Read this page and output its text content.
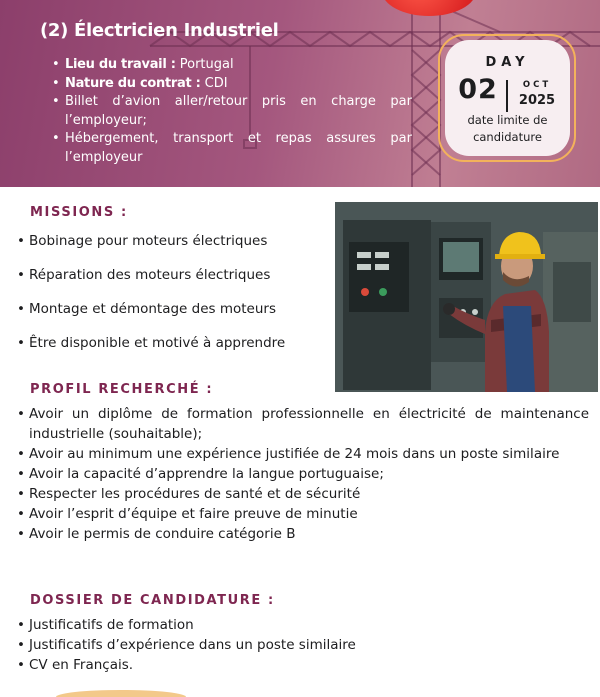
(2) Électricien Industriel
• Lieu du travail : Portugal
• Nature du contrat : CDI
• Billet d’avion aller/retour pris en charge par l’employeur;
• Hébergement, transport et repas assures par l’employeur
DAY
02	OCT
2025
date limite de candidature
MISSIONS :
• Bobinage pour moteurs électriques
• Réparation des moteurs électriques
• Montage et démontage des moteurs
• Être disponible et motivé à apprendre
PROFIL RECHERCHÉ :
• Avoir un diplôme de formation professionnelle en électricité de maintenance industrielle (souhaitable);
• Avoir au minimum une expérience justifiée de 24 mois dans un poste similaire
• Avoir la capacité d’apprendre la langue portuguaise;
• Respecter les procédures de santé et de sécurité
• Avoir l’esprit d’équipe et faire preuve de minutie
• Avoir le permis de conduire catégorie B
DOSSIER DE CANDIDATURE :
• Justificatifs de formation
• Justificatifs d’expérience dans un poste similaire
• CV en Français.
